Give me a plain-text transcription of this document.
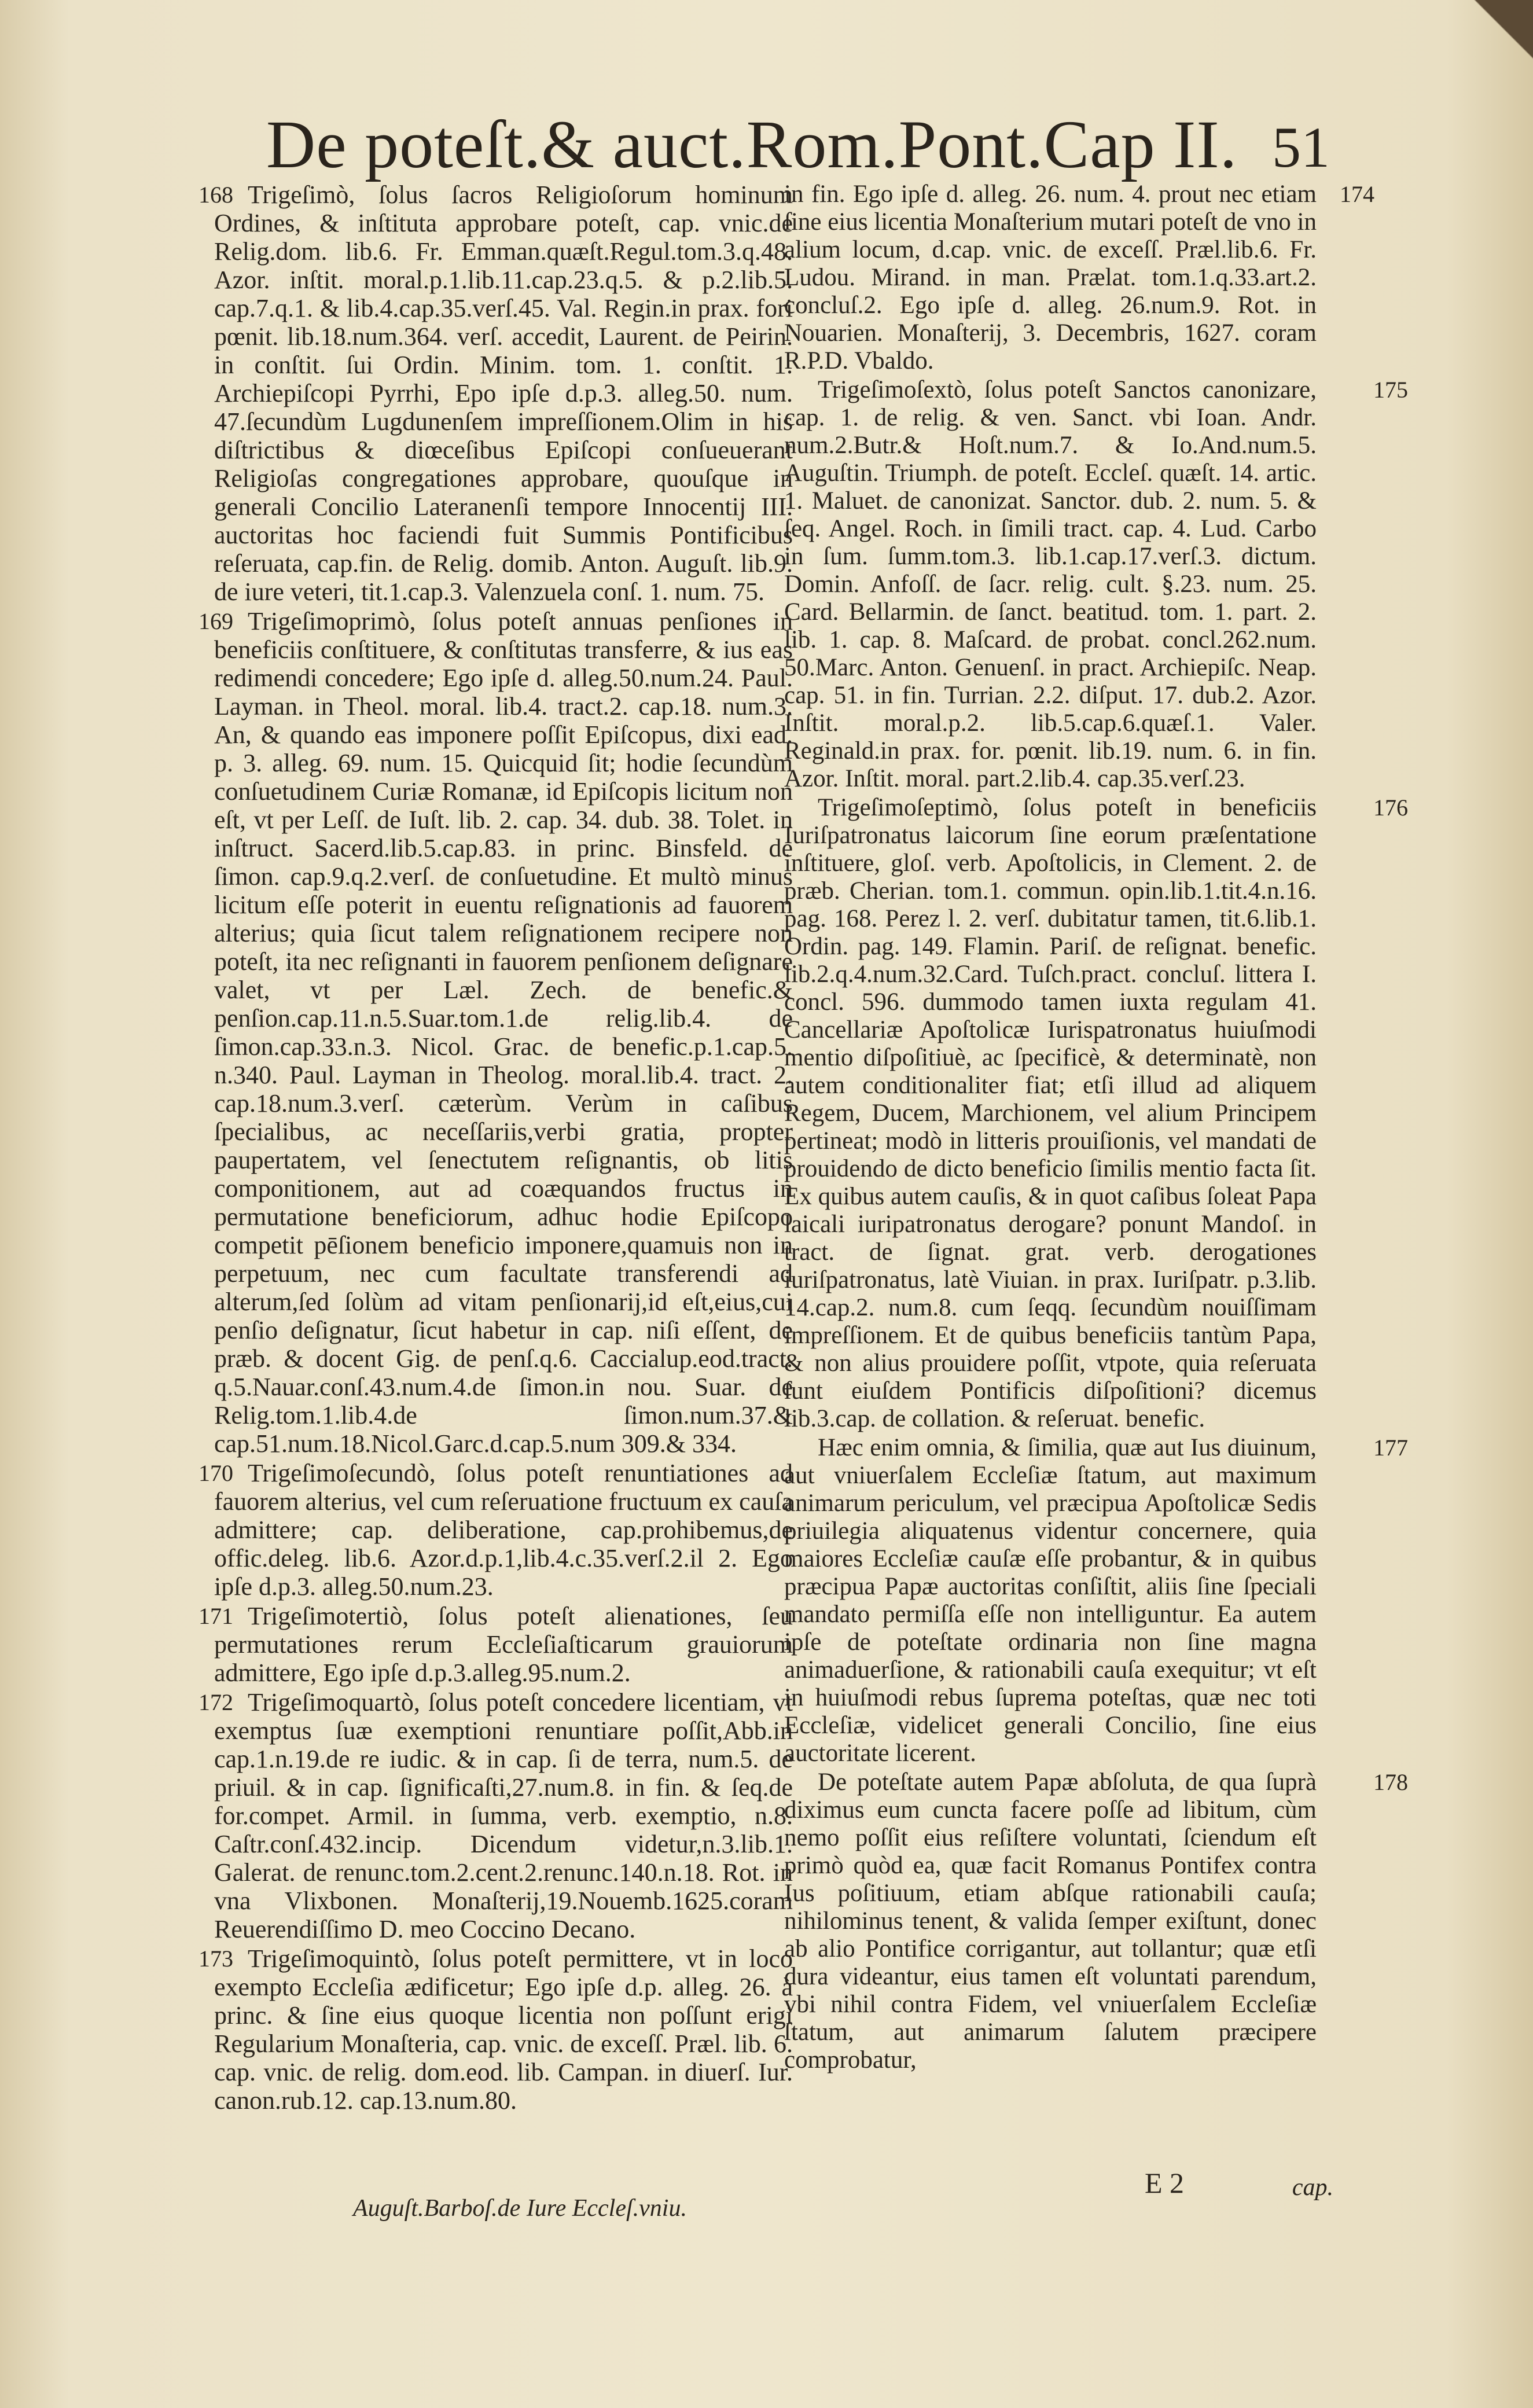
De poteſt.& auct.Rom.Pont.Cap II. 51

168 Trigeſimò, ſolus ſacros Religioſorum hominum Ordines, & inſtituta approbare poteſt, cap. vnic.de Relig.dom. lib.6. Fr. Emman.quæſt.Regul.tom.3.q.48. Azor. inſtit. moral.p.1.lib.11.cap.23.q.5. & p.2.lib.5. cap.7.q.1. & lib.4.cap.35.verſ.45. Val. Regin.in prax. fori pœnit. lib.18.num.364. verſ. accedit, Laurent. de Peirin. in conſtit. ſui Ordin. Minim. tom. 1. conſtit. 1. Archiepiſcopi Pyrrhi, Epo ipſe d.p.3. alleg.50. num. 47.ſecundùm Lugdunenſem impreſſionem.Olim in his diſtrictibus & diœceſibus Epiſcopi conſueuerant Religioſas congregationes approbare, quouſque in generali Concilio Lateranenſi tempore Innocentij III. auctoritas hoc faciendi fuit Summis Pontificibus reſeruata, cap.fin. de Relig. domib. Anton. Auguſt. lib.9. de iure veteri, tit.1.cap.3. Valenzuela conſ. 1. num. 75.

169 Trigeſimoprimò, ſolus poteſt annuas penſiones in beneficiis conſtituere, & conſtitutas transferre, & ius eas redimendi concedere; Ego ipſe d. alleg.50.num.24. Paul. Layman. in Theol. moral. lib.4. tract.2. cap.18. num.3. An, & quando eas imponere poſſit Epiſcopus, dixi ead. p. 3. alleg. 69. num. 15. Quicquid ſit; hodie ſecundùm conſuetudinem Curiæ Romanæ, id Epiſcopis licitum non eſt, vt per Leſſ. de Iuſt. lib. 2. cap. 34. dub. 38. Tolet. in inſtruct. Sacerd.lib.5.cap.83. in princ. Binsfeld. de ſimon. cap.9.q.2.verſ. de conſuetudine. Et multò minus licitum eſſe poterit in euentu reſignationis ad fauorem alterius; quia ſicut talem reſignationem recipere non poteſt, ita nec reſignanti in fauorem penſionem deſignare valet, vt per Læl. Zech. de benefic.& penſion.cap.11.n.5.Suar.tom.1.de relig.lib.4. de ſimon.cap.33.n.3. Nicol. Grac. de benefic.p.1.cap.5. n.340. Paul. Layman in Theolog. moral.lib.4. tract. 2. cap.18.num.3.verſ. cæterùm. Verùm in caſibus ſpecialibus, ac neceſſariis,verbi gratia, propter paupertatem, vel ſenectutem reſignantis, ob litis componitionem, aut ad coæquandos fructus in permutatione beneficiorum, adhuc hodie Epiſcopo competit pēſionem beneficio imponere,quamuis non in perpetuum, nec cum facultate transferendi ad alterum,ſed ſolùm ad vitam penſionarij,id eſt,eius,cui penſio deſignatur, ſicut habetur in cap. niſi eſſent, de præb. & docent Gig. de penſ.q.6. Caccialup.eod.tract. q.5.Nauar.conſ.43.num.4.de ſimon.in nou. Suar. de Relig.tom.1.lib.4.de ſimon.num.37.& cap.51.num.18.Nicol.Garc.d.cap.5.num 309.& 334.

170 Trigeſimoſecundò, ſolus poteſt renuntiationes ad fauorem alterius, vel cum reſeruatione fructuum ex cauſa admittere; cap. deliberatione, cap.prohibemus,de offic.deleg. lib.6. Azor.d.p.1,lib.4.c.35.verſ.2.il 2. Ego ipſe d.p.3. alleg.50.num.23.

171 Trigeſimotertiò, ſolus poteſt alienationes, ſeu permutationes rerum Eccleſiaſticarum grauiorum admittere, Ego ipſe d.p.3.alleg.95.num.2.

172 Trigeſimoquartò, ſolus poteſt concedere licentiam, vt exemptus ſuæ exemptioni renuntiare poſſit,Abb.in cap.1.n.19.de re iudic. & in cap. ſi de terra, num.5. de priuil. & in cap. ſignificaſti,27.num.8. in fin. & ſeq.de for.compet. Armil. in ſumma, verb. exemptio, n.8. Caſtr.conſ.432.incip. Dicendum videtur,n.3.lib.1. Galerat. de renunc.tom.2.cent.2.renunc.140.n.18. Rot. in vna Vlixbonen. Monaſterij,19.Nouemb.1625.coram Reuerendiſſimo D. meo Coccino Decano.

173 Trigeſimoquintò, ſolus poteſt permittere, vt in loco exempto Eccleſia ædificetur; Ego ipſe d.p. alleg. 26. à princ. & ſine eius quoque licentia non poſſunt erigi Regularium Monaſteria, cap. vnic. de exceſſ. Præl. lib. 6. cap. vnic. de relig. dom.eod. lib. Campan. in diuerſ. Iur. canon.rub.12. cap.13.num.80.

174
in fin. Ego ipſe d. alleg. 26. num. 4. prout nec etiam ſine eius licentia Monaſterium mutari poteſt de vno in alium locum, d.cap. vnic. de exceſſ. Præl.lib.6. Fr. Ludou. Mirand. in man. Prælat. tom.1.q.33.art.2. concluſ.2. Ego ipſe d. alleg. 26.num.9. Rot. in Nouarien. Monaſterij, 3. Decembris, 1627. coram R.P.D. Vbaldo.

175
Trigeſimoſextò, ſolus poteſt Sanctos canonizare, cap. 1. de relig. & ven. Sanct. vbi Ioan. Andr. num.2.Butr.& Hoſt.num.7. & Io.And.num.5. Auguſtin. Triumph. de poteſt. Eccleſ. quæſt. 14. artic. 1. Maluet. de canonizat. Sanctor. dub. 2. num. 5. & ſeq. Angel. Roch. in ſimili tract. cap. 4. Lud. Carbo in ſum. ſumm.tom.3. lib.1.cap.17.verſ.3. dictum. Domin. Anfoſſ. de ſacr. relig. cult. §.23. num. 25. Card. Bellarmin. de ſanct. beatitud. tom. 1. part. 2. lib. 1. cap. 8. Maſcard. de probat. concl.262.num. 50.Marc. Anton. Genuenſ. in pract. Archiepiſc. Neap. cap. 51. in fin. Turrian. 2.2. diſput. 17. dub.2. Azor. Inſtit. moral.p.2. lib.5.cap.6.quæſ.1. Valer. Reginald.in prax. for. pœnit. lib.19. num. 6. in fin. Azor. Inſtit. moral. part.2.lib.4. cap.35.verſ.23.

176
Trigeſimoſeptimò, ſolus poteſt in beneficiis Iuriſpatronatus laicorum ſine eorum præſentatione inſtituere, gloſ. verb. Apoſtolicis, in Clement. 2. de præb. Cherian. tom.1. commun. opin.lib.1.tit.4.n.16. pag. 168. Perez l. 2. verſ. dubitatur tamen, tit.6.lib.1. Ordin. pag. 149. Flamin. Pariſ. de reſignat. benefic. lib.2.q.4.num.32.Card. Tuſch.pract. concluſ. littera I. concl. 596. dummodo tamen iuxta regulam 41. Cancellariæ Apoſtolicæ Iurispatronatus huiuſmodi mentio diſpoſitiuè, ac ſpecificè, & determinatè, non autem conditionaliter fiat; etſi illud ad aliquem Regem, Ducem, Marchionem, vel alium Principem pertineat; modò in litteris prouiſionis, vel mandati de prouidendo de dicto beneficio ſimilis mentio facta ſit. Ex quibus autem cauſis, & in quot caſibus ſoleat Papa laicali iuripatronatus derogare? ponunt Mandoſ. in tract. de ſignat. grat. verb. derogationes iuriſpatronatus, latè Viuian. in prax. Iuriſpatr. p.3.lib. 14.cap.2. num.8. cum ſeqq. ſecundùm nouiſſimam impreſſionem. Et de quibus beneficiis tantùm Papa, & non alius prouidere poſſit, vtpote, quia reſeruata ſunt eiuſdem Pontificis diſpoſitioni? dicemus lib.3.cap. de collation. & reſeruat. benefic.

177
Hæc enim omnia, & ſimilia, quæ aut Ius diuinum, aut vniuerſalem Eccleſiæ ſtatum, aut maximum animarum periculum, vel præcipua Apoſtolicæ Sedis priuilegia aliquatenus videntur concernere, quia maiores Eccleſiæ cauſæ eſſe probantur, & in quibus præcipua Papæ auctoritas conſiſtit, aliis ſine ſpeciali mandato permiſſa eſſe non intelliguntur. Ea autem ipſe de poteſtate ordinaria non ſine magna animaduerſione, & rationabili cauſa exequitur; vt eſt in huiuſmodi rebus ſuprema poteſtas, quæ nec toti Eccleſiæ, videlicet generali Concilio, ſine eius auctoritate licerent.

178
De poteſtate autem Papæ abſoluta, de qua ſuprà diximus eum cuncta facere poſſe ad libitum, cùm nemo poſſit eius reſiſtere voluntati, ſciendum eſt primò quòd ea, quæ facit Romanus Pontifex contra Ius poſitiuum, etiam abſque rationabili cauſa; nihilominus tenent, & valida ſemper exiſtunt, donec ab alio Pontifice corrigantur, aut tollantur; quæ etſi dura videantur, eius tamen eſt voluntati parendum, vbi nihil contra Fidem, vel vniuerſalem Eccleſiæ ſtatum, aut animarum ſalutem præcipere comprobatur,

Auguſt.Barboſ.de Iure Eccleſ.vniu.
E 2	cap.
